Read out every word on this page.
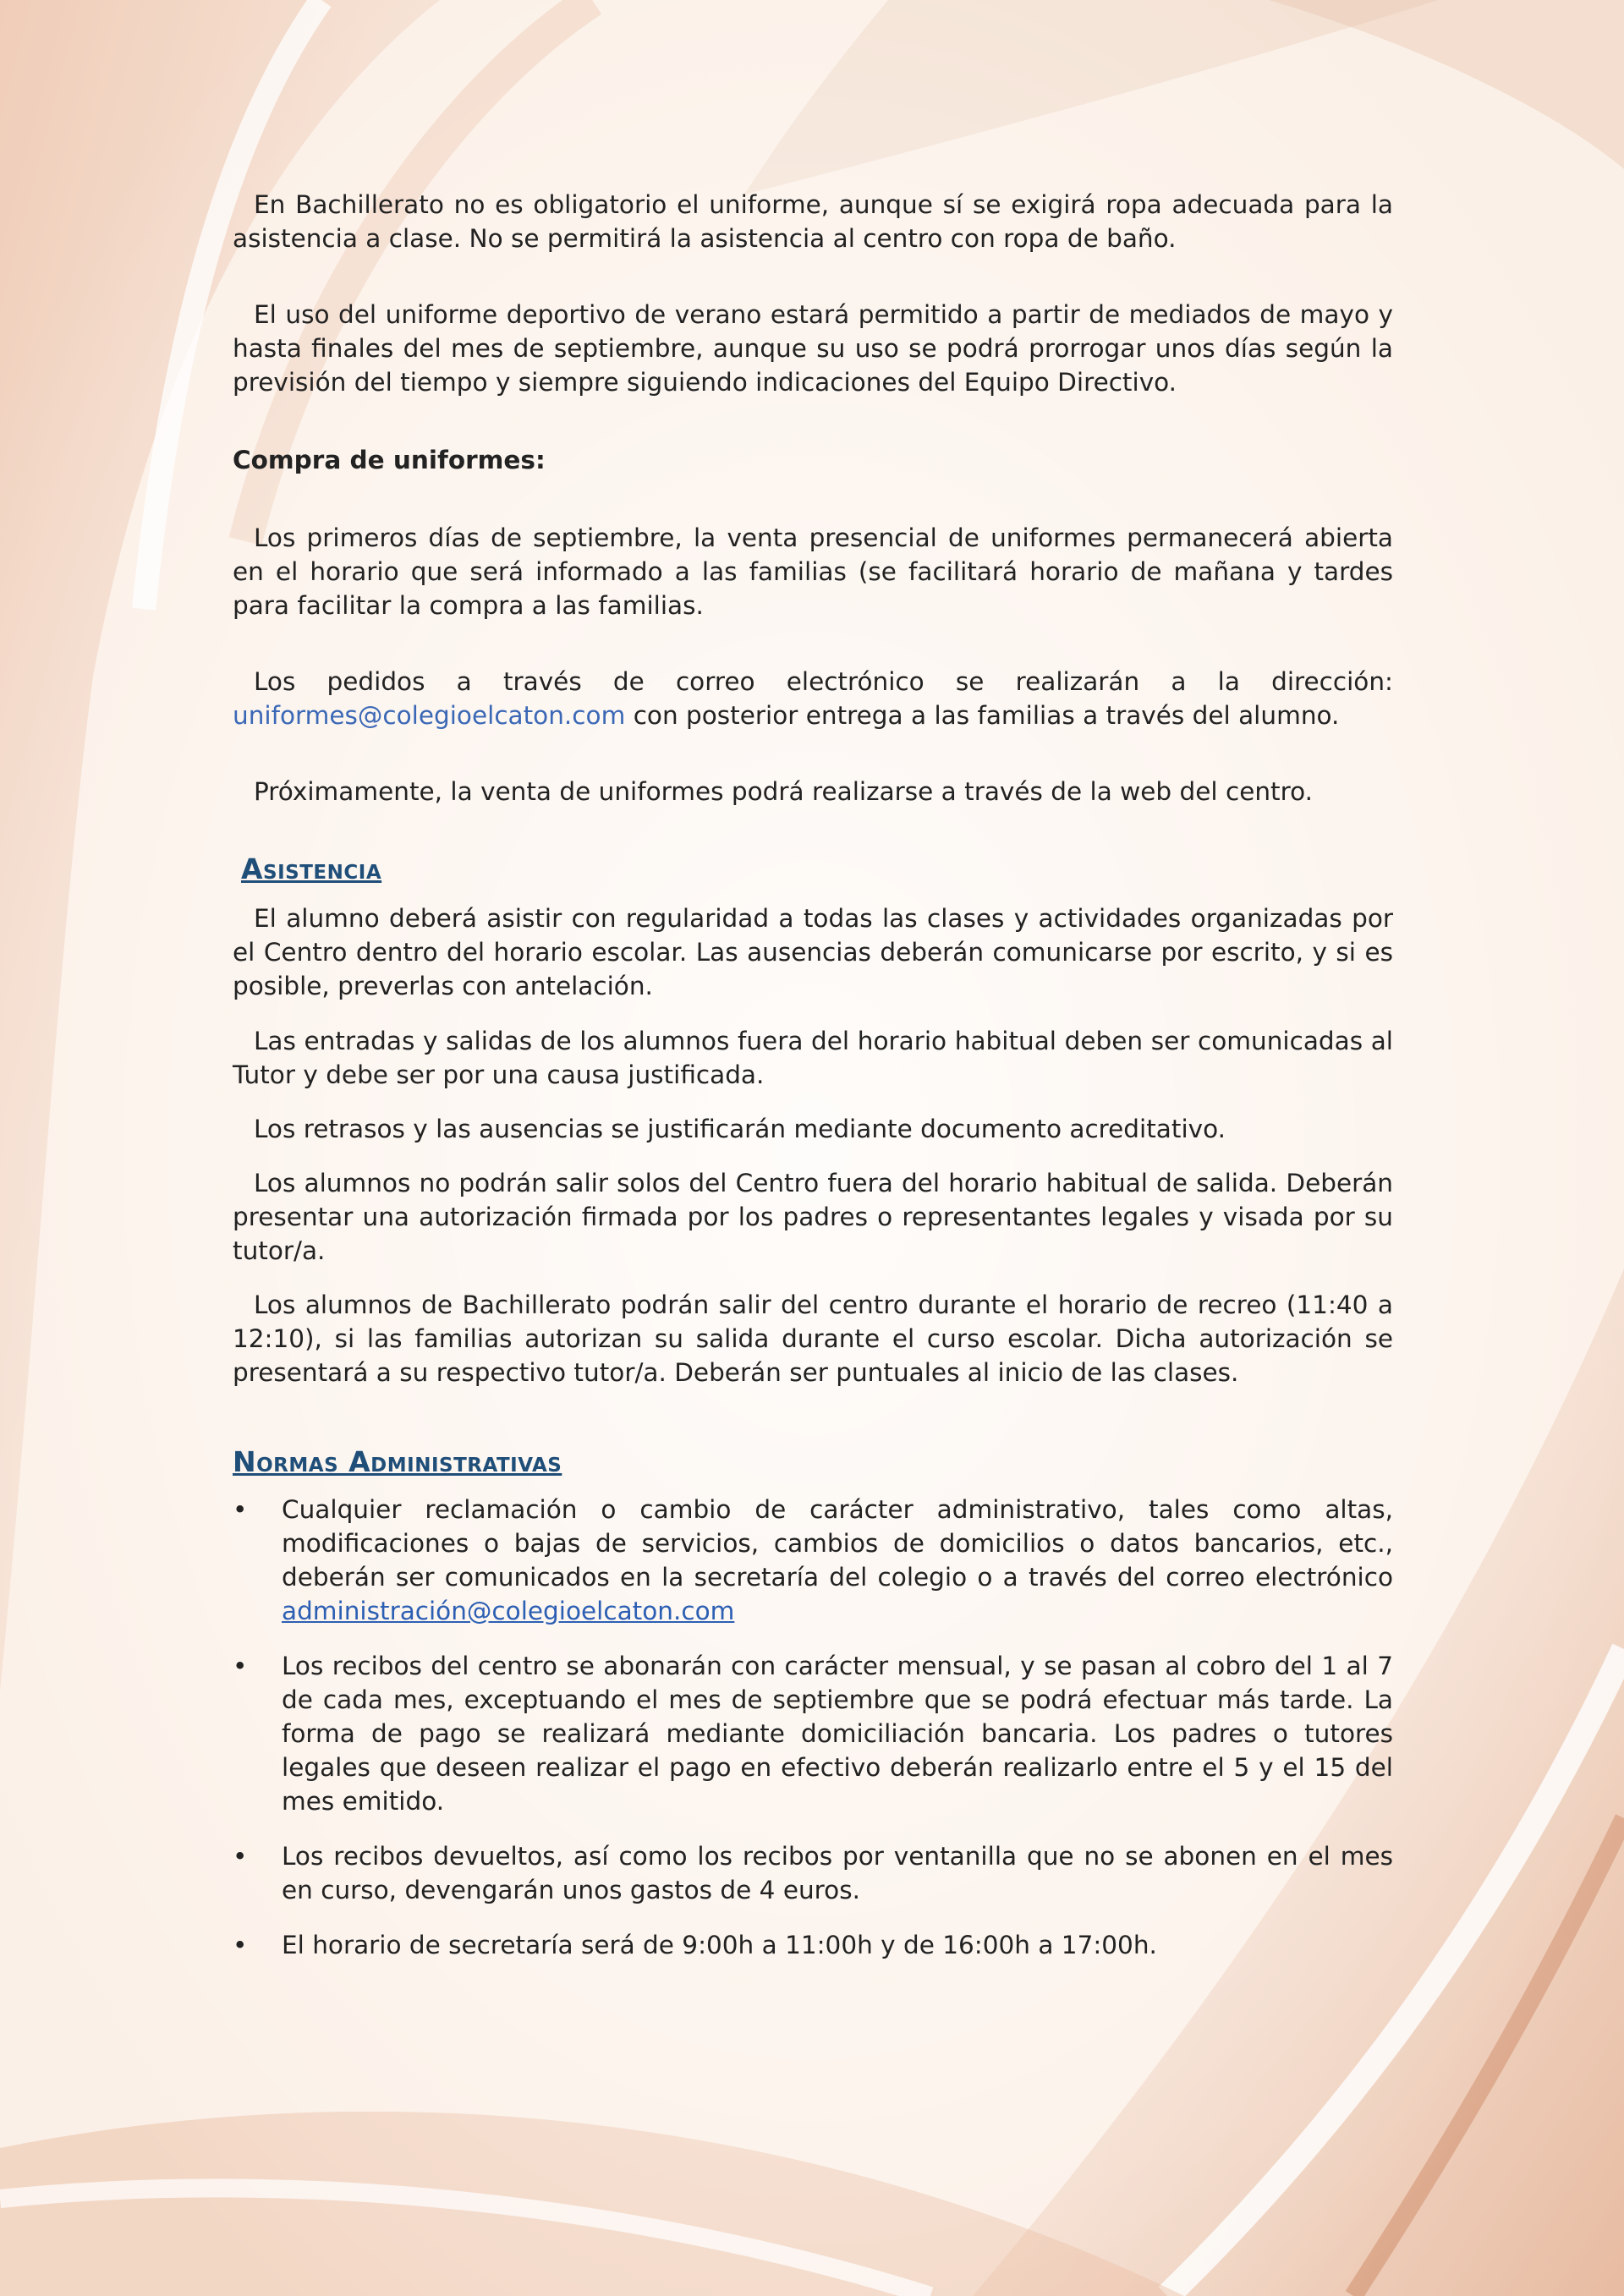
En Bachillerato no es obligatorio el uniforme, aunque sí se exigirá ropa adecuada para la asistencia a clase. No se permitirá la asistencia al centro con ropa de baño.

El uso del uniforme deportivo de verano estará permitido a partir de mediados de mayo y hasta finales del mes de septiembre, aunque su uso se podrá prorrogar unos días según la previsión del tiempo y siempre siguiendo indicaciones del Equipo Directivo.

Compra de uniformes:

Los primeros días de septiembre, la venta presencial de uniformes permanecerá abierta en el horario que será informado a las familias (se facilitará horario de mañana y tardes para facilitar la compra a las familias.

Los pedidos a través de correo electrónico se realizarán a la dirección: uniformes@colegioelcaton.com con posterior entrega a las familias a través del alumno.

Próximamente, la venta de uniformes podrá realizarse a través de la web del centro.

Asistencia

El alumno deberá asistir con regularidad a todas las clases y actividades organizadas por el Centro dentro del horario escolar. Las ausencias deberán comunicarse por escrito, y si es posible, preverlas con antelación.

Las entradas y salidas de los alumnos fuera del horario habitual deben ser comunicadas al Tutor y debe ser por una causa justificada.

Los retrasos y las ausencias se justificarán mediante documento acreditativo.

Los alumnos no podrán salir solos del Centro fuera del horario habitual de salida. Deberán presentar una autorización firmada por los padres o representantes legales y visada por su tutor/a.

Los alumnos de Bachillerato podrán salir del centro durante el horario de recreo (11:40 a 12:10), si las familias autorizan su salida durante el curso escolar. Dicha autorización se presentará a su respectivo tutor/a. Deberán ser puntuales al inicio de las clases.

Normas Administrativas

• Cualquier reclamación o cambio de carácter administrativo, tales como altas, modificaciones o bajas de servicios, cambios de domicilios o datos bancarios, etc., deberán ser comunicados en la secretaría del colegio o a través del correo electrónico administración@colegioelcaton.com
• Los recibos del centro se abonarán con carácter mensual, y se pasan al cobro del 1 al 7 de cada mes, exceptuando el mes de septiembre que se podrá efectuar más tarde. La forma de pago se realizará mediante domiciliación bancaria. Los padres o tutores legales que deseen realizar el pago en efectivo deberán realizarlo entre el 5 y el 15 del mes emitido.
• Los recibos devueltos, así como los recibos por ventanilla que no se abonen en el mes en curso, devengarán unos gastos de 4 euros.
• El horario de secretaría será de 9:00h a 11:00h y de 16:00h a 17:00h.
